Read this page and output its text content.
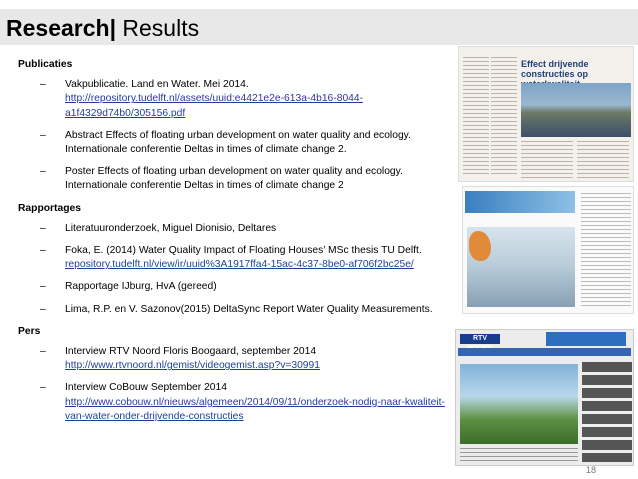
Research| Results
Publicaties
– Vakpublicatie. Land en Water. Mei 2014.
http://repository.tudelft.nl/assets/uuid:e4421e2e-613a-4b16-8044-a1f4329d74b0/305156.pdf
– Abstract Effects of floating urban development on water quality and ecology. Internationale conferentie Deltas in times of climate change 2.
– Poster Effects of floating urban development on water quality and ecology. Internationale conferentie Deltas in times of climate change 2
Rapportages
– Literatuuronderzoek, Miguel Dionisio, Deltares
– Foka, E. (2014) Water Quality Impact of Floating Houses’ MSc thesis TU Delft.
repository.tudelft.nl/view/ir/uuid%3A1917ffa4-15ac-4c37-8be0-af706f2bc25e/
– Rapportage IJburg, HvA (gereed)
– Lima, R.P. en V. Sazonov(2015) DeltaSync Report Water Quality Measurements.
Pers
– Interview RTV Noord Floris Boogaard, september 2014
http://www.rtvnoord.nl/gemist/videogemist.asp?v=30991
– Interview CoBouw September 2014
http://www.cobouw.nl/nieuws/algemeen/2014/09/11/onderzoek-nodig-naar-kwaliteit-van-water-onder-drijvende-constructies
Effect drijvende constructies op
RTV
18
